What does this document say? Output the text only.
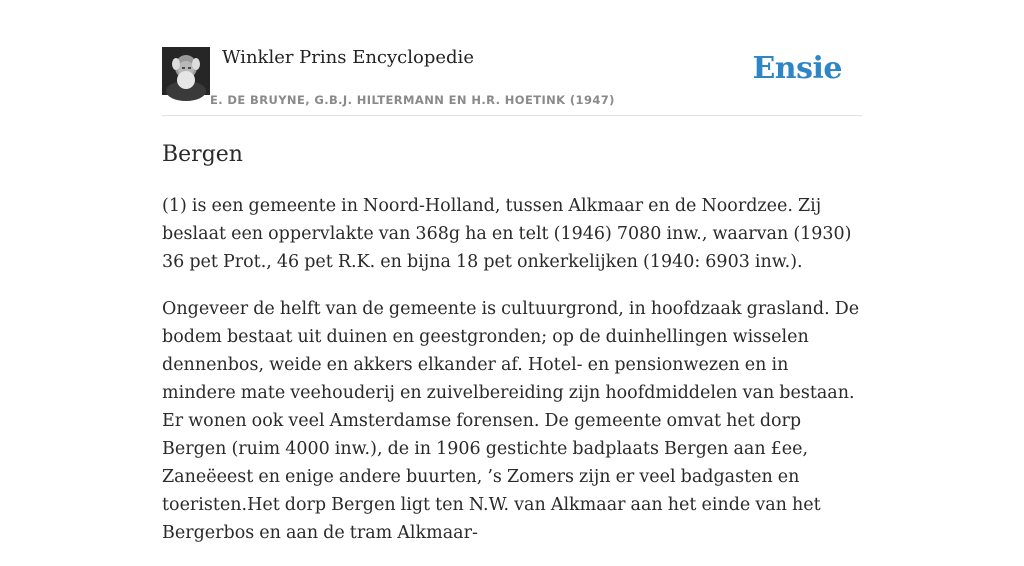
Winkler Prins Encyclopedie
E. DE BRUYNE, G.B.J. HILTERMANN EN H.R. HOETINK (1947)
Ensie
Bergen

(1) is een gemeente in Noord-Holland, tussen Alkmaar en de Noordzee. Zij beslaat een oppervlakte van 368g ha en telt (1946) 7080 inw., waarvan (1930) 36 pet Prot., 46 pet R.K. en bijna 18 pet onkerkelijken (1940: 6903 inw.).

Ongeveer de helft van de gemeente is cultuurgrond, in hoofdzaak grasland. De bodem bestaat uit duinen en geestgronden; op de duinhellingen wisselen dennenbos, weide en akkers elkander af. Hotel- en pensionwezen en in mindere mate veehouderij en zuivelbereiding zijn hoofdmiddelen van bestaan. Er wonen ook veel Amsterdamse forensen. De gemeente omvat het dorp Bergen (ruim 4000 inw.), de in 1906 gestichte badplaats Bergen aan £ee, Zaneëeest en enige andere buurten, ’s Zomers zijn er veel badgasten en toeristen.Het dorp Bergen ligt ten N.W. van Alkmaar aan het einde van het Bergerbos en aan de tram Alkmaar-
